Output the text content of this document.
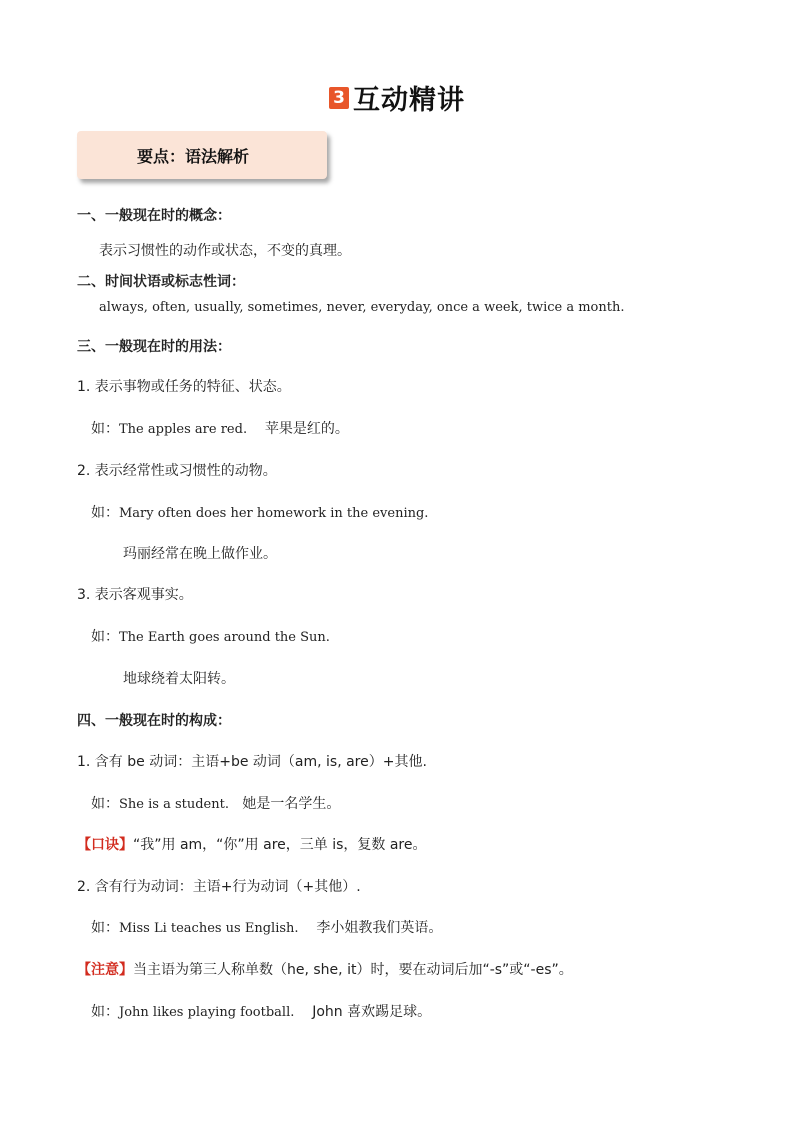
3 互动精讲
要点：语法解析
一、一般现在时的概念：
表示习惯性的动作或状态，不变的真理。
二、时间状语或标志性词：
always, often, usually, sometimes, never, everyday, once a week, twice a month.
三、一般现在时的用法：
1. 表示事物或任务的特征、状态。
如：The apples are red. 苹果是红的。
2. 表示经常性或习惯性的动物。
如：Mary often does her homework in the evening.
玛丽经常在晚上做作业。
3. 表示客观事实。
如：The Earth goes around the Sun.
地球绕着太阳转。
四、一般现在时的构成：
1. 含有 be 动词：主语+be 动词（am, is, are）+其他.
如：She is a student. 她是一名学生。
【口诀】“我”用 am，“你”用 are，三单 is，复数 are。
2. 含有行为动词：主语+行为动词（+其他）.
如：Miss Li teaches us English. 李小姐教我们英语。
【注意】当主语为第三人称单数（he, she, it）时，要在动词后加“-s”或“-es”。
如：John likes playing football. John 喜欢踢足球。
